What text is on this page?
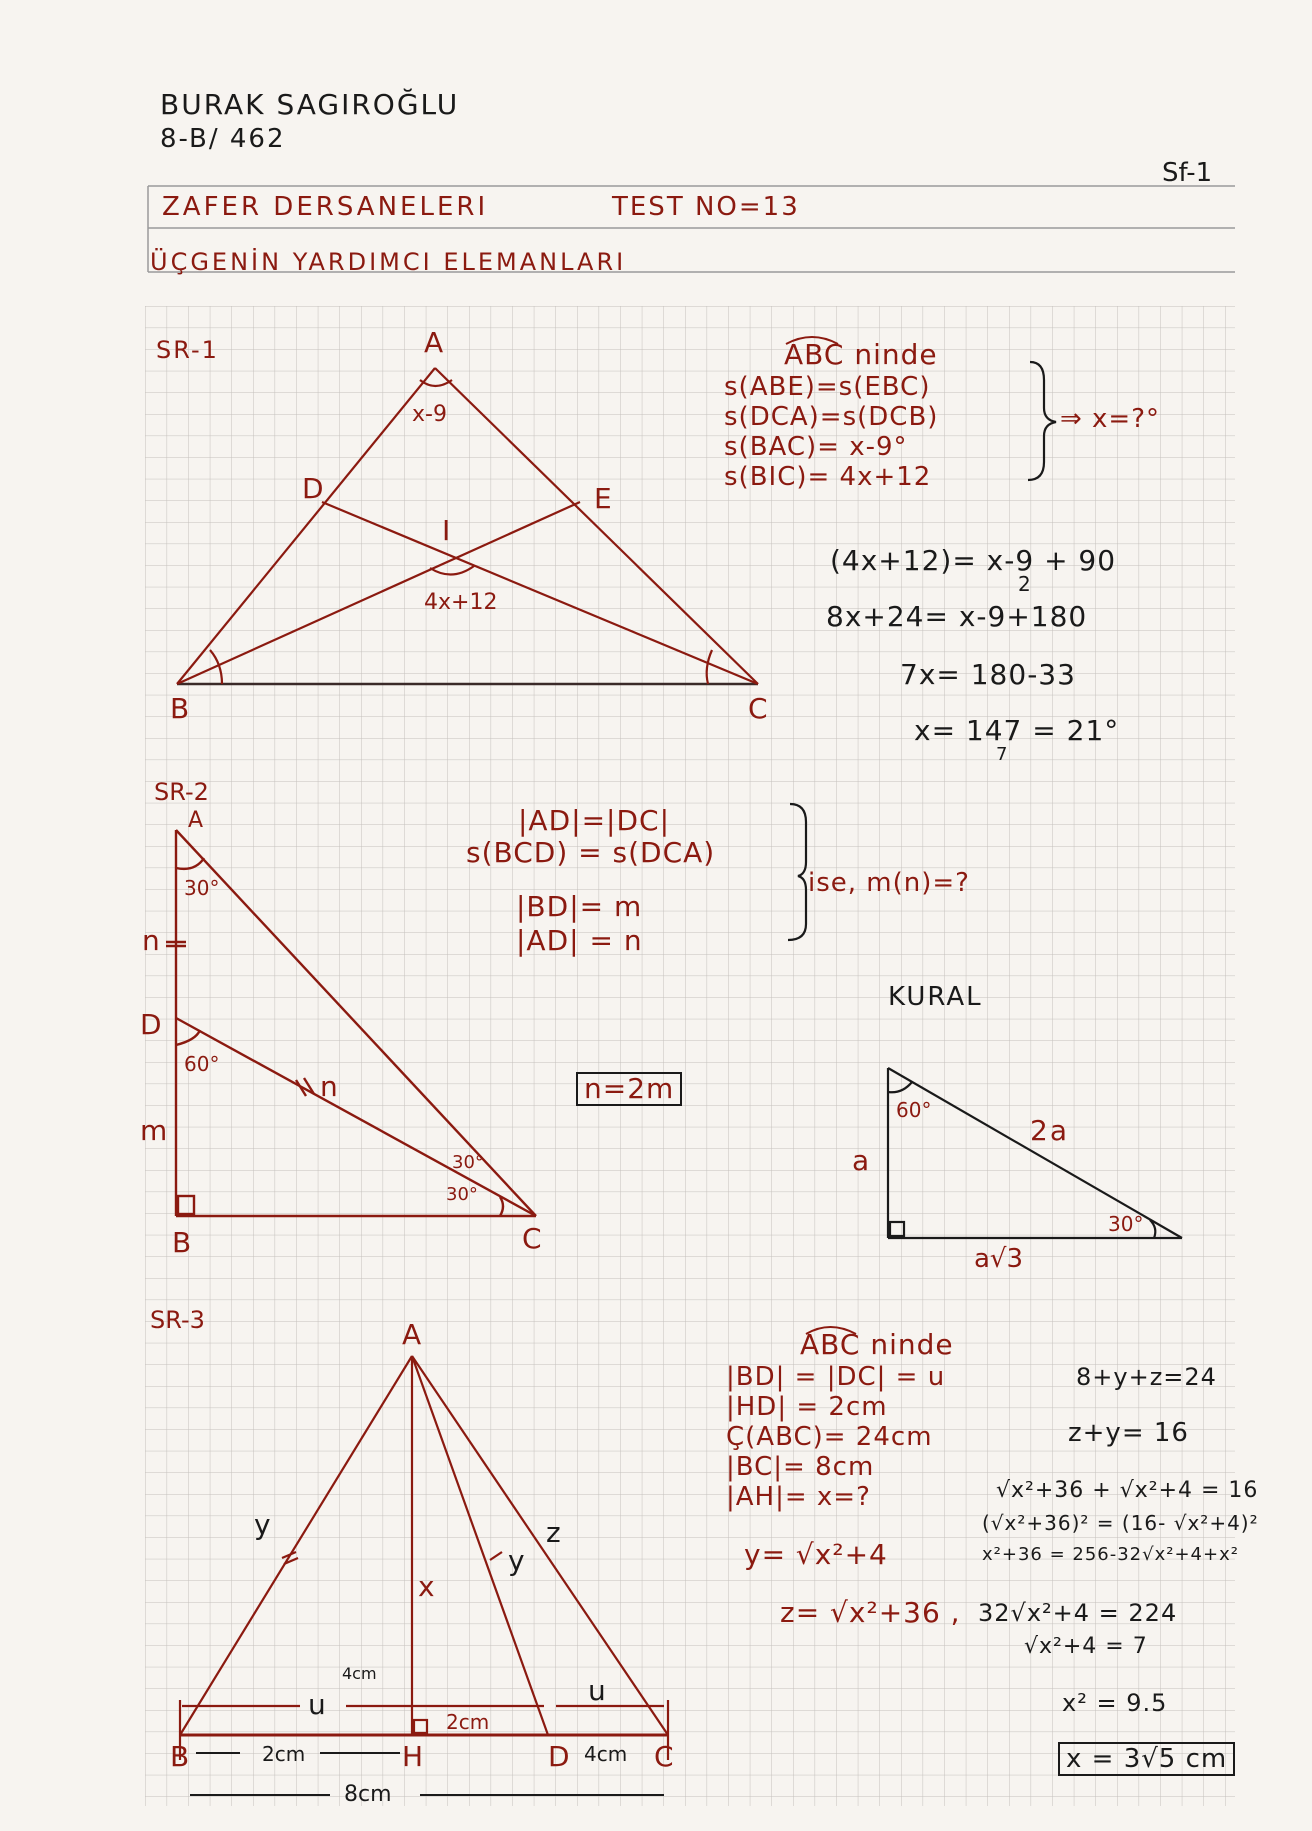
BURAK SAGIROĞLU
8-B/ 462
Sf-1
ZAFER DERSANELERI	TEST NO=13
ÜÇGENİN YARDIMCI ELEMANLARI
SR-1	A
B	C
D	E
I
x-9
4x+12
ABC ninde
s(ABE)=s(EBC)
s(DCA)=s(DCB)
s(BAC)= x-9°
s(BIC)= 4x+12
⇒ x=?°
(4x+12)= x-9 + 90
2
8x+24= x-9+180
7x= 180-33
x= 147 = 21°
7
SR-2
A
D
B	C
n
m
n
30°
60°
30°
30°
|AD|=|DC|
s(BCD) = s(DCA)
|BD|= m
|AD| = n
ise, m(n)=?
n=2m
KURAL
60°
30°
a
2a
a√3
SR-3	A
B	H	D	C
y
y
z
x
u
4cm
u
2cm
2cm	4cm
8cm
ABC ninde
|BD| = |DC| = u
|HD| = 2cm
Ç(ABC)= 24cm
|BC|= 8cm
|AH|= x=?
y= √x²+4
z= √x²+36 ,
8+y+z=24
z+y= 16
√x²+36 + √x²+4 = 16
(√x²+36)² = (16- √x²+4)²
x²+36 = 256-32√x²+4+x²
32√x²+4 = 224
√x²+4 = 7
x² = 9.5
x = 3√5 cm
